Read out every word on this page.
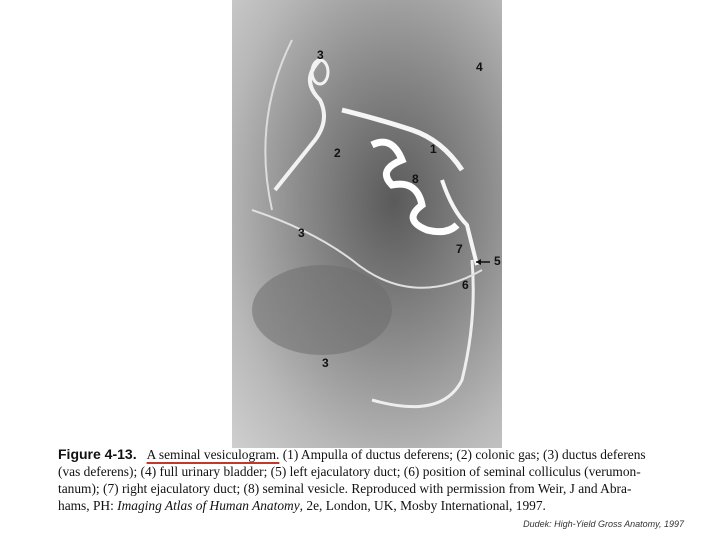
3
4
2	1
8
3
7
5
6
3
Figure 4-13. A seminal vesiculogram. (1) Ampulla of ductus deferens; (2) colonic gas; (3) ductus deferens
(vas deferens); (4) full urinary bladder; (5) left ejaculatory duct; (6) position of seminal colliculus (verumon-
tanum); (7) right ejaculatory duct; (8) seminal vesicle. Reproduced with permission from Weir, J and Abra-
hams, PH: Imaging Atlas of Human Anatomy, 2e, London, UK, Mosby International, 1997.
Dudek: High-Yield Gross Anatomy, 1997
